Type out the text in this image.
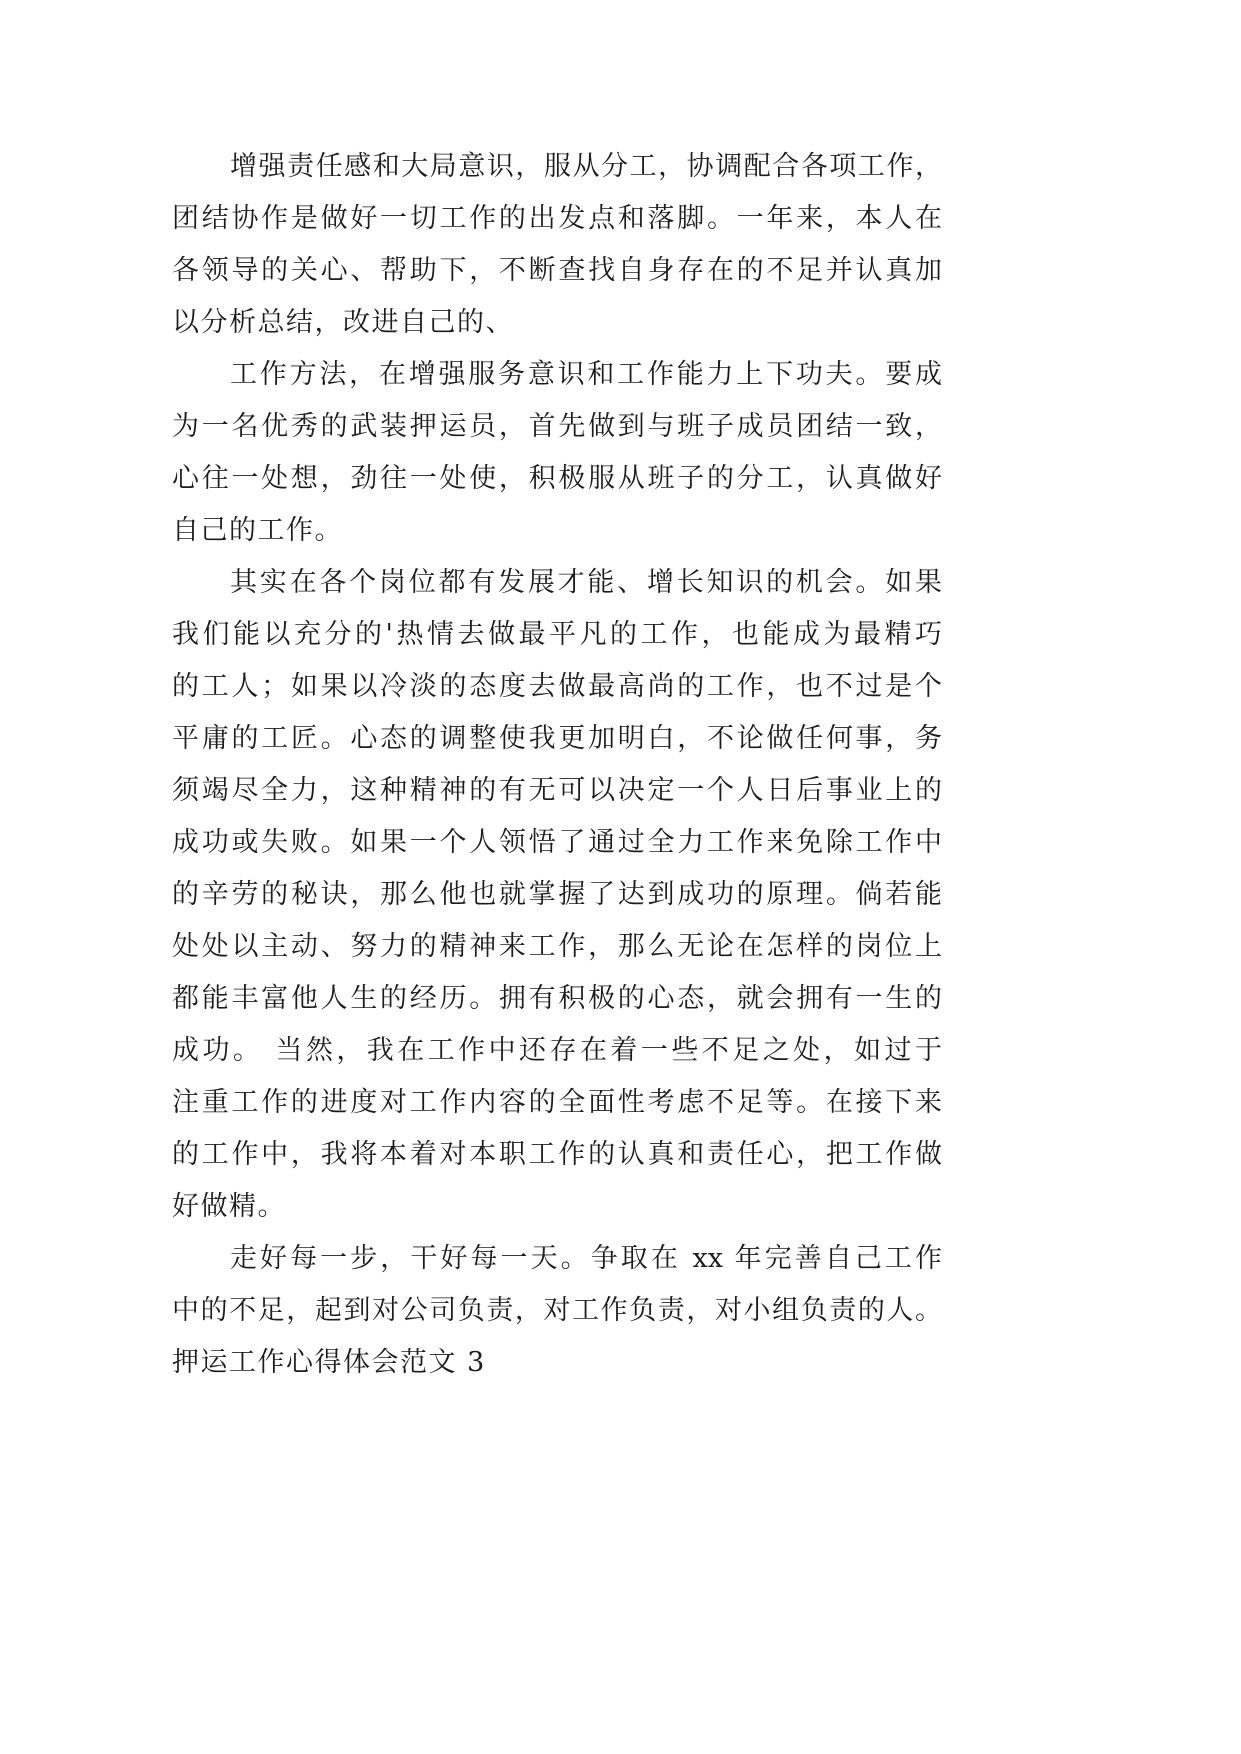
增强责任感和大局意识，服从分工，协调配合各项工作，
团结协作是做好一切工作的出发点和落脚。一年来，本人在
各领导的关心、帮助下，不断查找自身存在的不足并认真加
以分析总结，改进自己的、
工作方法，在增强服务意识和工作能力上下功夫。要成
为一名优秀的武装押运员，首先做到与班子成员团结一致，
心往一处想，劲往一处使，积极服从班子的分工，认真做好
自己的工作。
其实在各个岗位都有发展才能、增长知识的机会。如果
我们能以充分的'热情去做最平凡的工作，也能成为最精巧
的工人；如果以冷淡的态度去做最高尚的工作，也不过是个
平庸的工匠。心态的调整使我更加明白，不论做任何事，务
须竭尽全力，这种精神的有无可以决定一个人日后事业上的
成功或失败。如果一个人领悟了通过全力工作来免除工作中
的辛劳的秘诀，那么他也就掌握了达到成功的原理。倘若能
处处以主动、努力的精神来工作，那么无论在怎样的岗位上
都能丰富他人生的经历。拥有积极的心态，就会拥有一生的
成功。 当然，我在工作中还存在着一些不足之处，如过于
注重工作的进度对工作内容的全面性考虑不足等。在接下来
的工作中，我将本着对本职工作的认真和责任心，把工作做
好做精。
走好每一步，干好每一天。争取在 xx 年完善自己工作
中的不足，起到对公司负责，对工作负责，对小组负责的人。
押运工作心得体会范文 3
